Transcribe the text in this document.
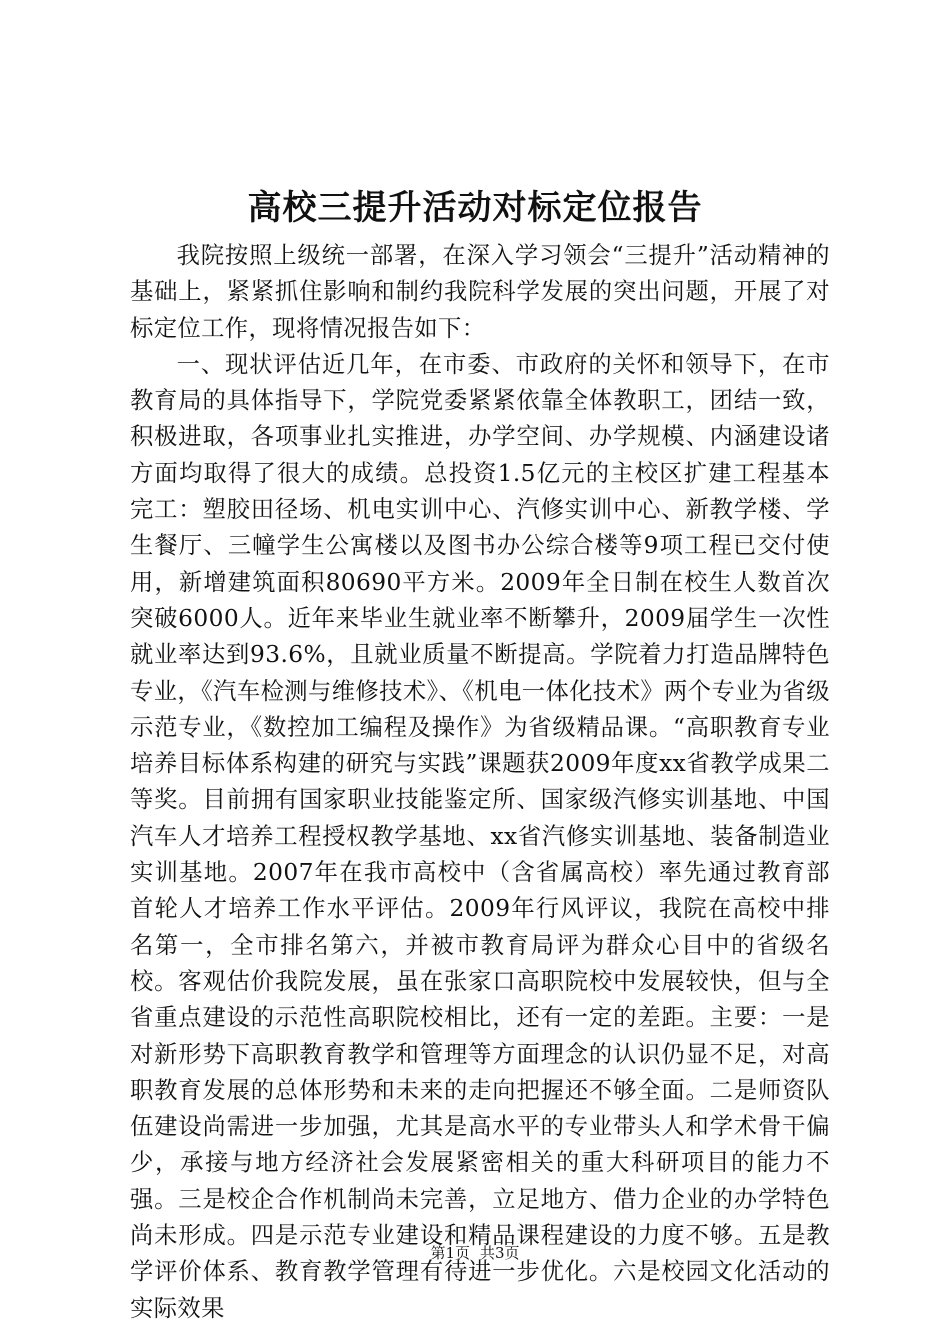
高校三提升活动对标定位报告

我院按照上级统一部署，在深入学习领会“三提升”活动精神的基础上，紧紧抓住影响和制约我院科学发展的突出问题，开展了对标定位工作，现将情况报告如下：

一、现状评估近几年，在市委、市政府的关怀和领导下，在市教育局的具体指导下，学院党委紧紧依靠全体教职工，团结一致，积极进取，各项事业扎实推进，办学空间、办学规模、内涵建设诸方面均取得了很大的成绩。总投资1.5亿元的主校区扩建工程基本完工：塑胶田径场、机电实训中心、汽修实训中心、新教学楼、学生餐厅、三幢学生公寓楼以及图书办公综合楼等9项工程已交付使用，新增建筑面积80690平方米。2009年全日制在校生人数首次突破6000人。近年来毕业生就业率不断攀升，2009届学生一次性就业率达到93.6%，且就业质量不断提高。学院着力打造品牌特色专业，《汽车检测与维修技术》、《机电一体化技术》两个专业为省级示范专业，《数控加工编程及操作》为省级精品课。“高职教育专业培养目标体系构建的研究与实践”课题获2009年度xx省教学成果二等奖。目前拥有国家职业技能鉴定所、国家级汽修实训基地、中国汽车人才培养工程授权教学基地、xx省汽修实训基地、装备制造业实训基地。2007年在我市高校中（含省属高校）率先通过教育部首轮人才培养工作水平评估。2009年行风评议，我院在高校中排名第一，全市排名第六，并被市教育局评为群众心目中的省级名校。客观估价我院发展，虽在张家口高职院校中发展较快，但与全省重点建设的示范性高职院校相比，还有一定的差距。主要：一是对新形势下高职教育教学和管理等方面理念的认识仍显不足，对高职教育发展的总体形势和未来的走向把握还不够全面。二是师资队伍建设尚需进一步加强，尤其是高水平的专业带头人和学术骨干偏少，承接与地方经济社会发展紧密相关的重大科研项目的能力不强。三是校企合作机制尚未完善，立足地方、借力企业的办学特色尚未形成。四是示范专业建设和精品课程建设的力度不够。五是教学评价体系、教育教学管理有待进一步优化。六是校园文化活动的实际效果

第1页 共3页
